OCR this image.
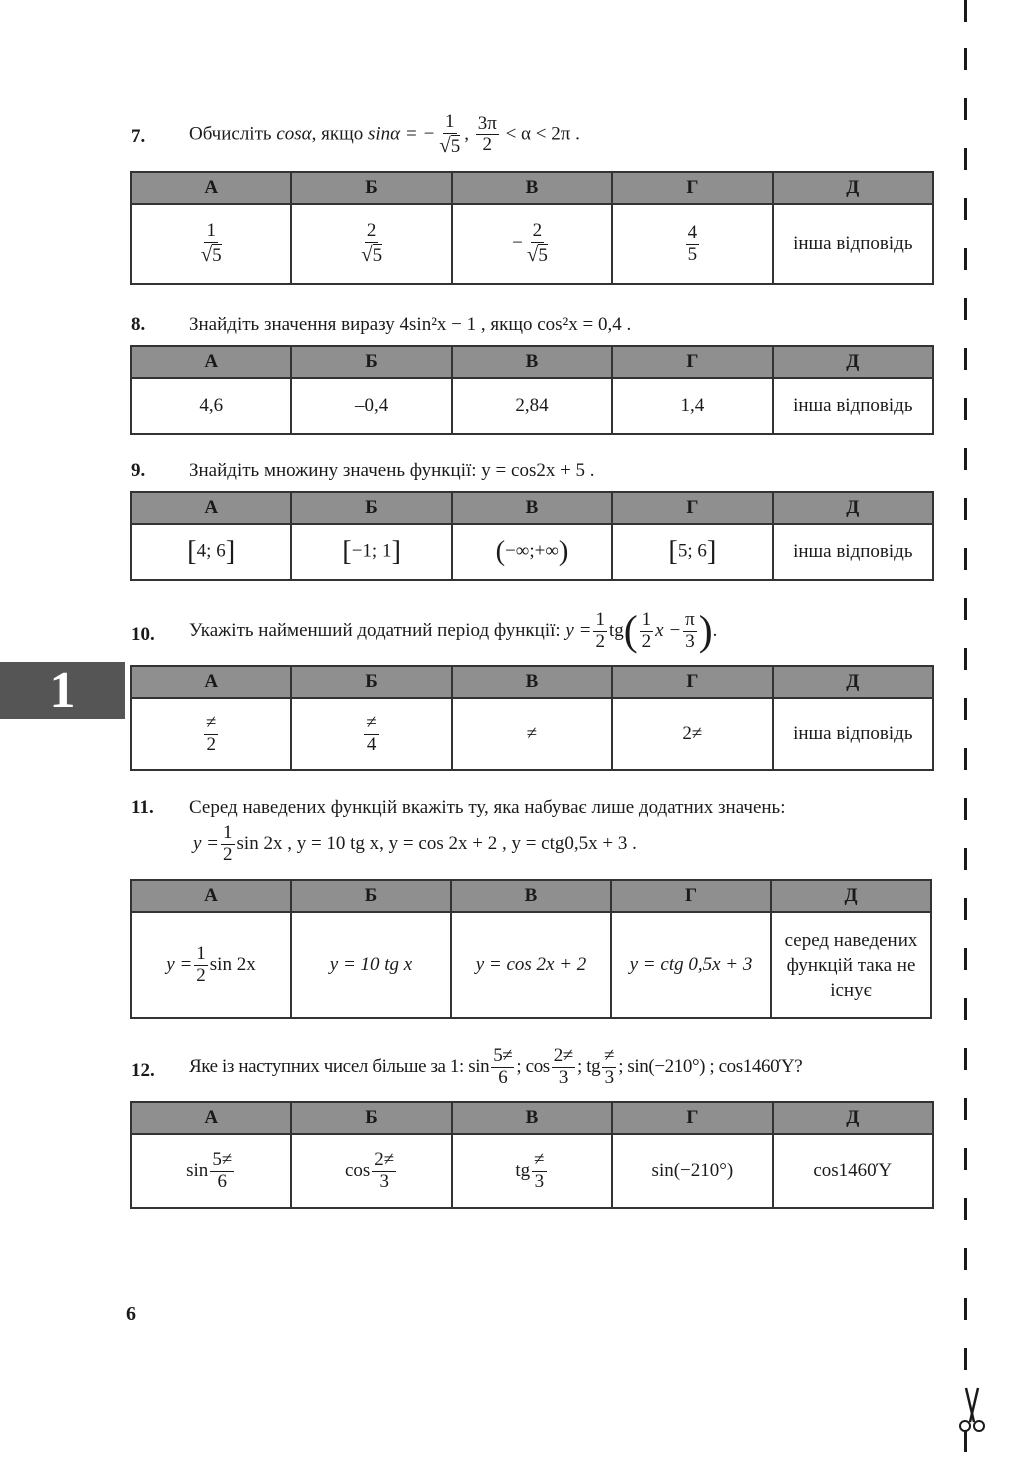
1
7. Обчисліть cosα, якщо sinα = − $\frac{1}{√5}$ , $\frac{3\pi}{2} < \alpha < 2\pi$ .
А	Б	В	Г	Д

$\frac{1}{√5}$	$\frac{2}{√5}$	− $\frac{2}{√5}$	$\frac{4}{5}$	інша відповідь
8. Знайдіть значення виразу 4sin²x − 1 , якщо cos²x = 0,4 .
А	Б	В	Г	Д
4,6	–0,4	2,84	1,4	інша відповідь
9. Знайдіть множину значень функції: y = cos2x + 5 .
А	Б	В	Г	Д
[4; 6]	[−1; 1]	(−∞;+∞)	[5; 6]	інша відповідь
10. Укажіть найменший додатний період функції: $y = \frac{1}{2} tg( \frac{1}{2}$ $x - \frac{\pi}{3}$ ).
А	Б	В	Г	Д

$\frac{\ne}{2}$	$\frac{\ne}{4}$	≠	2≠	інша відповідь
11. Серед наведених функцій вкажіть ту, яка набуває лише додатних значень:
$y = \frac{1}{2}$ sin 2x , y = 10 tg x, y = cos 2x + 2 , y = ctg0,5x + 3 .
А	Б	В	Г	Д
$y = \frac{1}{2}$ sin 2x	y = 10 tg x	y = cos 2x + 2	y = ctg 0,5x + 3	серед наведених функцій така не існує
12. Яке із наступних чисел більше за 1: $\sin \frac{5\ne}{6}$ ; $\cos \frac{2\ne}{3}$ ; tg $\frac{\ne}{3}$ ; sin(−210°) ; cos1460Ύ?
А	Б	В	Г	Д
$\sin \frac{5\ne}{6}$	$\cos \frac{2\ne}{3}$	tg $\frac{\ne}{3}$	sin(−210°)	cos1460Ύ
6
